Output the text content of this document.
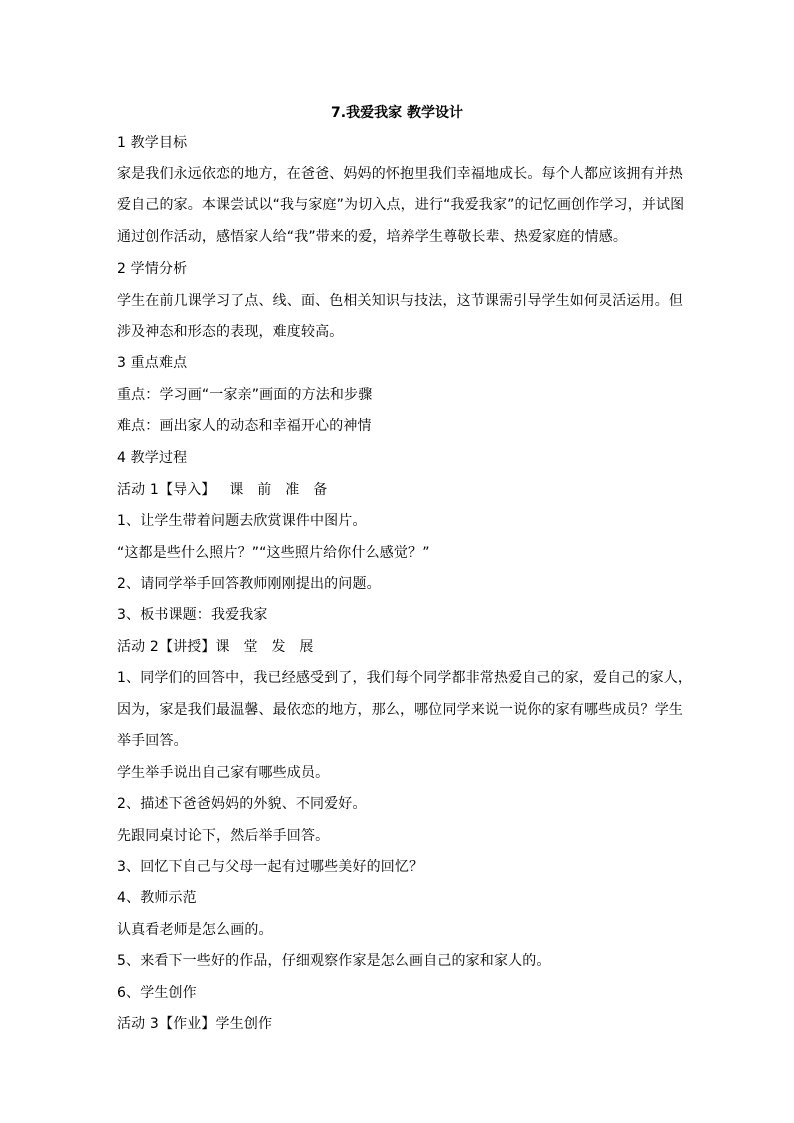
7.我爱我家 教学设计
1 教学目标
家是我们永远依恋的地方，在爸爸、妈妈的怀抱里我们幸福地成长。每个人都应该拥有并热
爱自己的家。本课尝试以“我与家庭”为切入点，进行“我爱我家”的记忆画创作学习，并试图
通过创作活动，感悟家人给“我”带来的爱，培养学生尊敬长辈、热爱家庭的情感。
2 学情分析
学生在前几课学习了点、线、面、色相关知识与技法，这节课需引导学生如何灵活运用。但
涉及神态和形态的表现，难度较高。
3 重点难点
重点：学习画“一家亲”画面的方法和步骤
难点：画出家人的动态和幸福开心的神情
4 教学过程
活动 1【导入】   课   前   准   备
1、让学生带着问题去欣赏课件中图片。
“这都是些什么照片？”“这些照片给你什么感觉？”
2、请同学举手回答教师刚刚提出的问题。
3、板书课题：我爱我家
活动 2【讲授】课   堂   发   展
1、同学们的回答中，我已经感受到了，我们每个同学都非常热爱自己的家，爱自己的家人，
因为，家是我们最温馨、最依恋的地方，那么，哪位同学来说一说你的家有哪些成员？学生
举手回答。
学生举手说出自己家有哪些成员。
2、描述下爸爸妈妈的外貌、不同爱好。
先跟同桌讨论下，然后举手回答。
3、回忆下自己与父母一起有过哪些美好的回忆？
4、教师示范
认真看老师是怎么画的。
5、来看下一些好的作品，仔细观察作家是怎么画自己的家和家人的。
6、学生创作
活动 3【作业】学生创作
